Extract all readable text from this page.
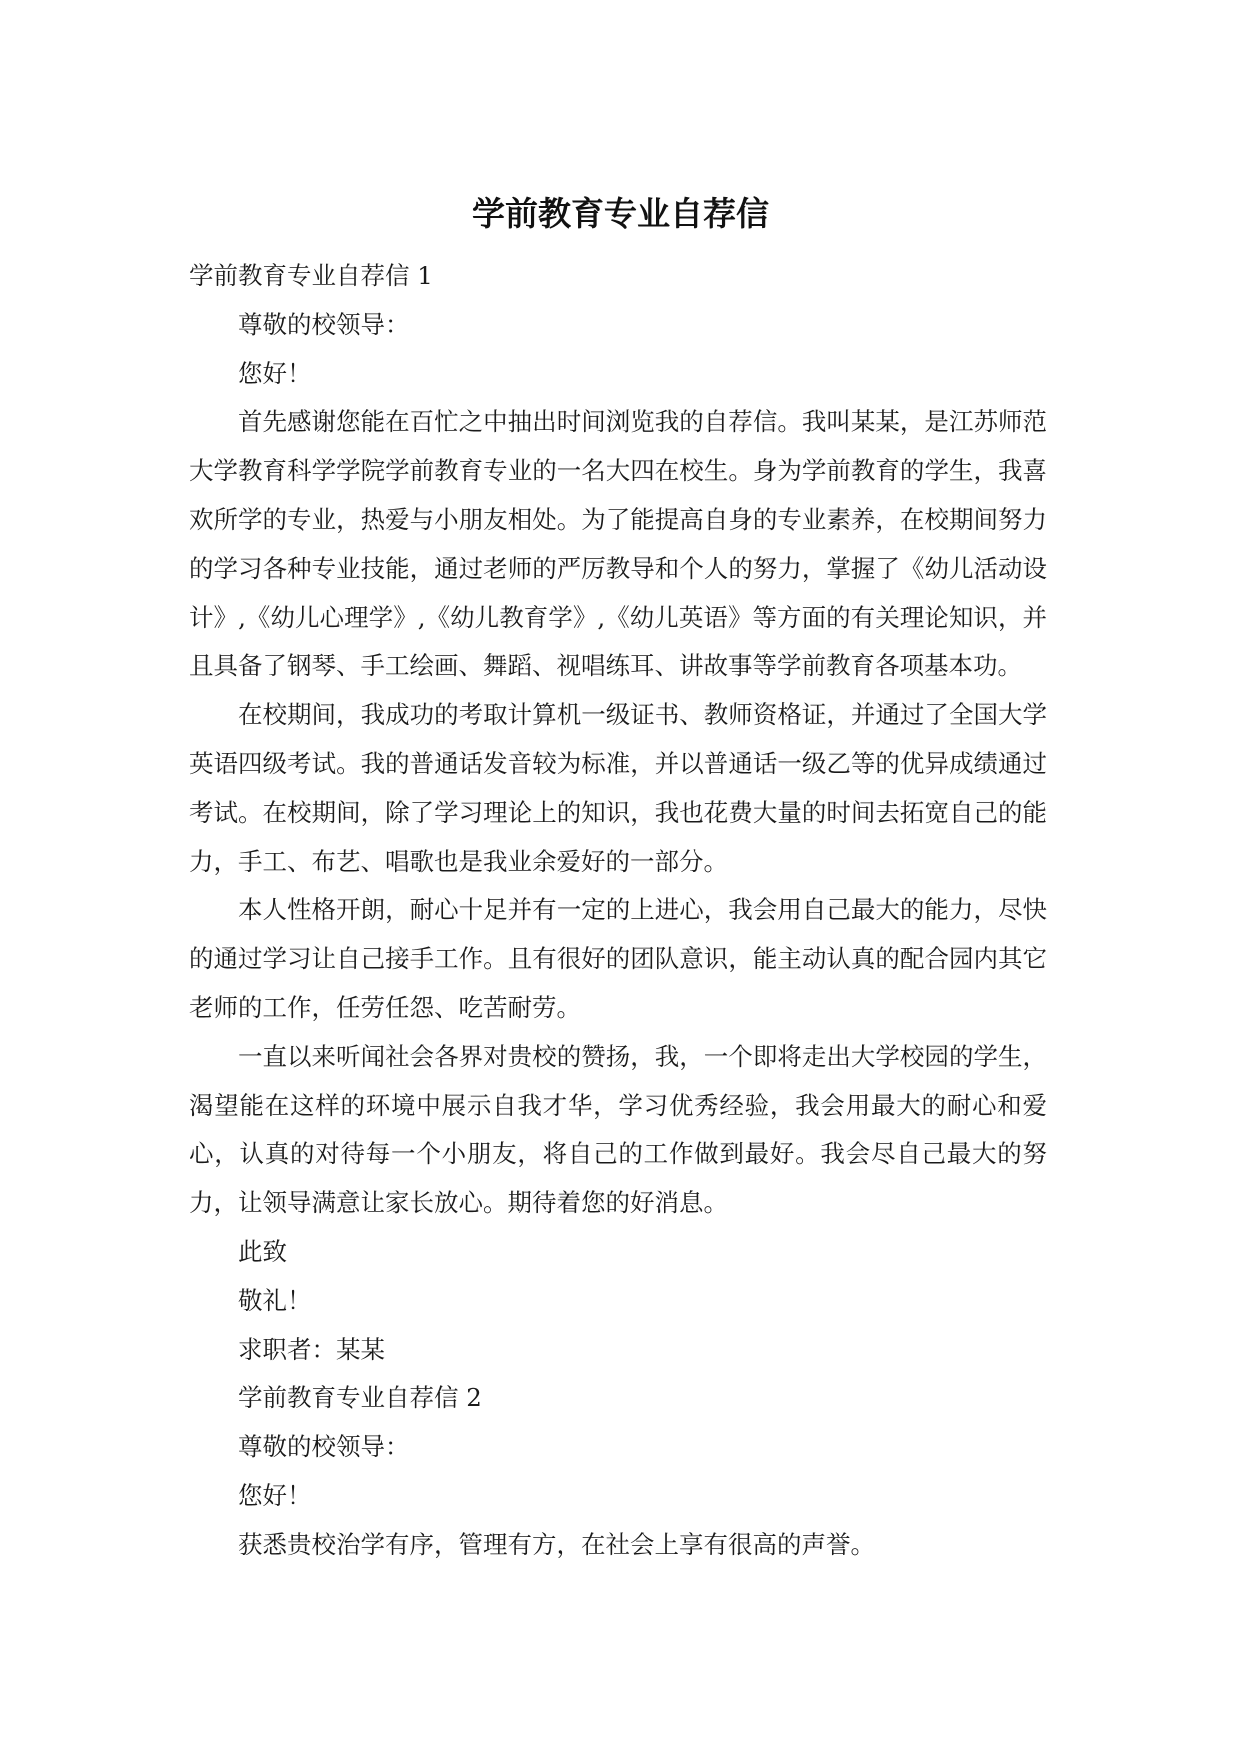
学前教育专业自荐信

学前教育专业自荐信 1

尊敬的校领导：

您好！

首先感谢您能在百忙之中抽出时间浏览我的自荐信。我叫某某，是江苏师范大学教育科学学院学前教育专业的一名大四在校生。身为学前教育的学生，我喜欢所学的专业，热爱与小朋友相处。为了能提高自身的专业素养，在校期间努力的学习各种专业技能，通过老师的严厉教导和个人的努力，掌握了《幼儿活动设计》,《幼儿心理学》,《幼儿教育学》,《幼儿英语》等方面的有关理论知识，并且具备了钢琴、手工绘画、舞蹈、视唱练耳、讲故事等学前教育各项基本功。

在校期间，我成功的考取计算机一级证书、教师资格证，并通过了全国大学英语四级考试。我的普通话发音较为标准，并以普通话一级乙等的优异成绩通过考试。在校期间，除了学习理论上的知识，我也花费大量的时间去拓宽自己的能力，手工、布艺、唱歌也是我业余爱好的一部分。

本人性格开朗，耐心十足并有一定的上进心，我会用自己最大的能力，尽快的通过学习让自己接手工作。且有很好的团队意识，能主动认真的配合园内其它老师的工作，任劳任怨、吃苦耐劳。

一直以来听闻社会各界对贵校的赞扬，我，一个即将走出大学校园的学生，渴望能在这样的环境中展示自我才华，学习优秀经验，我会用最大的耐心和爱心，认真的对待每一个小朋友，将自己的工作做到最好。我会尽自己最大的努力，让领导满意让家长放心。期待着您的好消息。

此致

敬礼！

求职者：某某

学前教育专业自荐信 2

尊敬的校领导：

您好！

获悉贵校治学有序，管理有方，在社会上享有很高的声誉。
